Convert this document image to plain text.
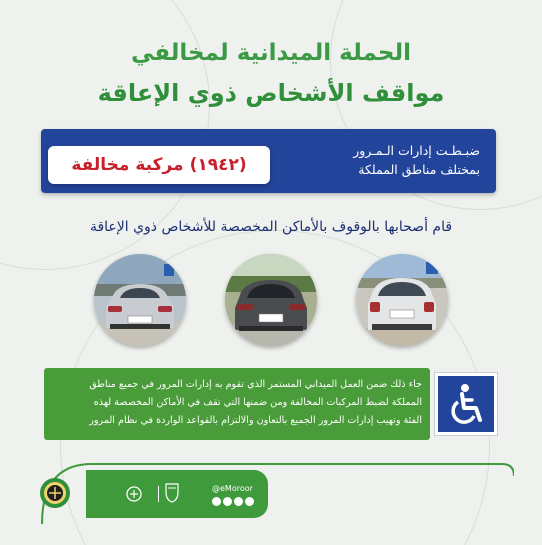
الحملة الميدانية لمخالفي
مواقف الأشخاص ذوي الإعاقة
ضبـطـت إدارات الـمـرور
بمختلف مناطق المملكة
(١٩٤٢)
مركبة مخالفة
قام أصحابها بالوقوف بالأماكن المخصصة للأشخاص ذوي الإعاقة
جاء ذلك ضمن العمل الميداني المستمر الذي تقوم به إدارات المرور في جميع مناطق
المملكة لضبط المركبات المخالفة ومن ضمنها التي تقف في الأماكن المخصصة لهذه
الفئة وتهيب إدارات المرور الجميع بالتعاون والالتزام بالقواعد الواردة في نظام المرور
@eMoroor
